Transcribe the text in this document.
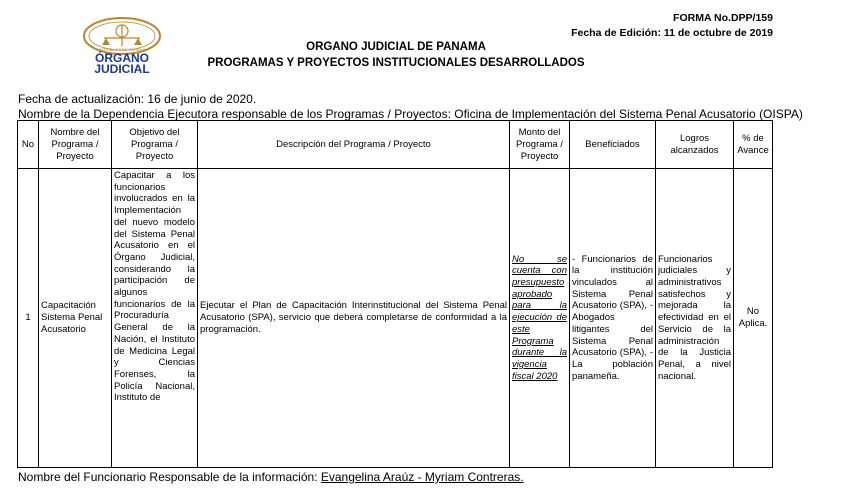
REPÚBLICA DE PANAMÁ
ÓRGANO
JUDICIAL
FORMA No.DPP/159
Fecha de Edición: 11 de octubre de 2019
ORGANO JUDICIAL DE PANAMA
PROGRAMAS Y PROYECTOS INSTITUCIONALES DESARROLLADOS
Fecha de actualización: 16 de junio de 2020.
Nombre de la Dependencia Ejecutora responsable de los Programas / Proyectos: Oficina de Implementación del Sistema Penal Acusatorio (OISPA)
No	Nombre del Programa / Proyecto	Objetivo del Programa / Proyecto	Descripción del Programa / Proyecto	Monto del Programa / Proyecto	Beneficiados	Logros alcanzados	% de Avance
1	Capacitación Sistema Penal Acusatorio	Capacitar a los funcionarios involucrados en la Implementación del nuevo modelo del Sistema Penal Acusatorio en el Órgano Judicial, considerando la participación de algunos funcionarios de la Procuraduría General de la Nación, el Instituto de Medicina Legal y Ciencias Forenses, la Policía Nacional, Instituto de	Ejecutar el Plan de Capacitación Interinstitucional del Sistema Penal Acusatorio (SPA), servicio que deberá completarse de conformidad a la programación.	No se cuenta con presupuesto aprobado para la ejecución de este Programa durante la vigencia fiscal 2020	- Funcionarios de la institución vinculados al Sistema Penal Acusatorio (SPA), - Abogados litigantes del Sistema Penal Acusatorio (SPA), - La población panameña.	Funcionarios judiciales y administrativos satisfechos y mejorada la efectividad en el Servicio de la administración de la Justicia Penal, a nivel nacional.	No Aplica.
Nombre del Funcionario Responsable de la información: Evangelina Araúz - Myriam Contreras.
